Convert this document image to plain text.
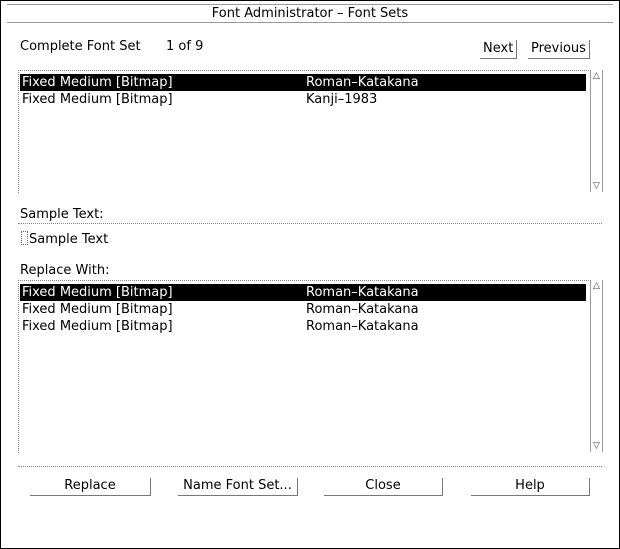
Font Administrator – Font Sets
Complete Font Set 1 of 9	Next	Previous
Fixed Medium [Bitmap]	Roman–Katakana
Fixed Medium [Bitmap]	Kanji–1983
△
▽
Sample Text:
Sample Text
Replace With:
Fixed Medium [Bitmap]	Roman–Katakana
Fixed Medium [Bitmap]	Roman–Katakana
Fixed Medium [Bitmap]	Roman–Katakana
△
▽
Replace	Name Font Set...	Close	Help
